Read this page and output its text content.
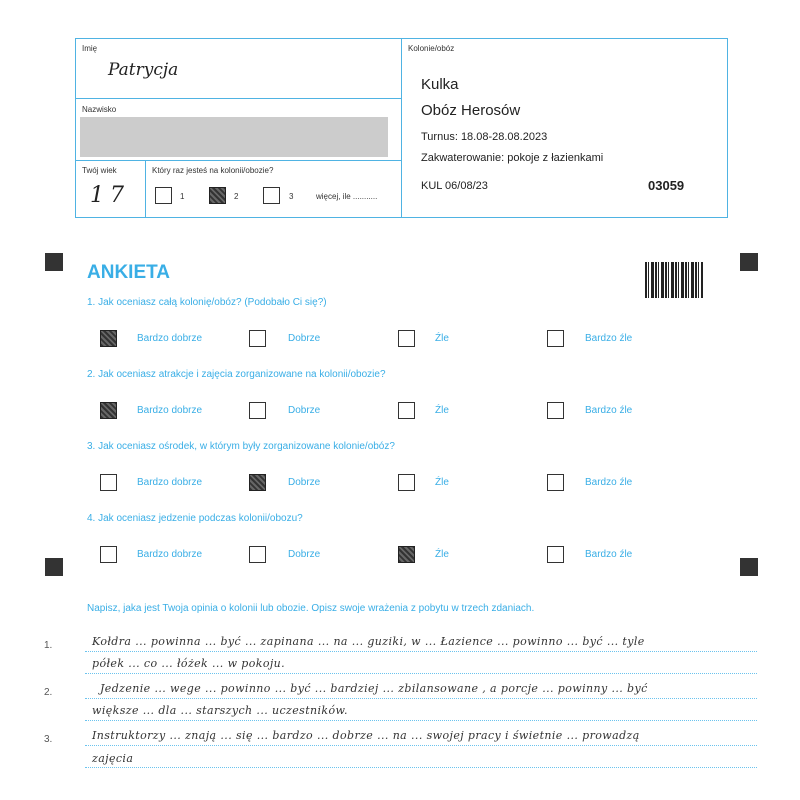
Imię
Patrycja
Nazwisko
Twój wiek
17
Który raz jesteś na kolonii/obozie?
1	2	3	więcej, ile ...........
Kolonie/obóz
Kulka
Obóz Herosów
Turnus: 18.08-28.08.2023
Zakwaterowanie: pokoje z łazienkami
KUL 06/08/23	03059
ANKIETA
1. Jak oceniasz całą kolonię/obóz? (Podobało Ci się?)
2. Jak oceniasz atrakcje i zajęcia zorganizowane na kolonii/obozie?
3. Jak oceniasz ośrodek, w którym były zorganizowane kolonie/obóz?
4. Jak oceniasz jedzenie podczas kolonii/obozu?
Bardzo dobrze	Dobrze	Źle	Bardzo źle
Bardzo dobrze	Dobrze	Źle	Bardzo źle
Bardzo dobrze	Dobrze	Źle	Bardzo źle
Bardzo dobrze	Dobrze	Źle	Bardzo źle
Napisz, jaka jest Twoja opinia o kolonii lub obozie. Opisz swoje wrażenia z pobytu w trzech zdaniach.
1.
2.
3.
Kołdra ... powinna ... być ... zapinana ... na ... guziki, w ... Łazience ... powinno ... być ... tyle
półek ... co ... łóżek ... w pokoju.
Jedzenie ... wege ... powinno ... być ... bardziej ... zbilansowane , a porcje ... powinny ... być
większe ... dla ... starszych ... uczestników.
Instruktorzy ... znają ... się ... bardzo ... dobrze ... na ... swojej pracy i świetnie ... prowadzą
zajęcia
